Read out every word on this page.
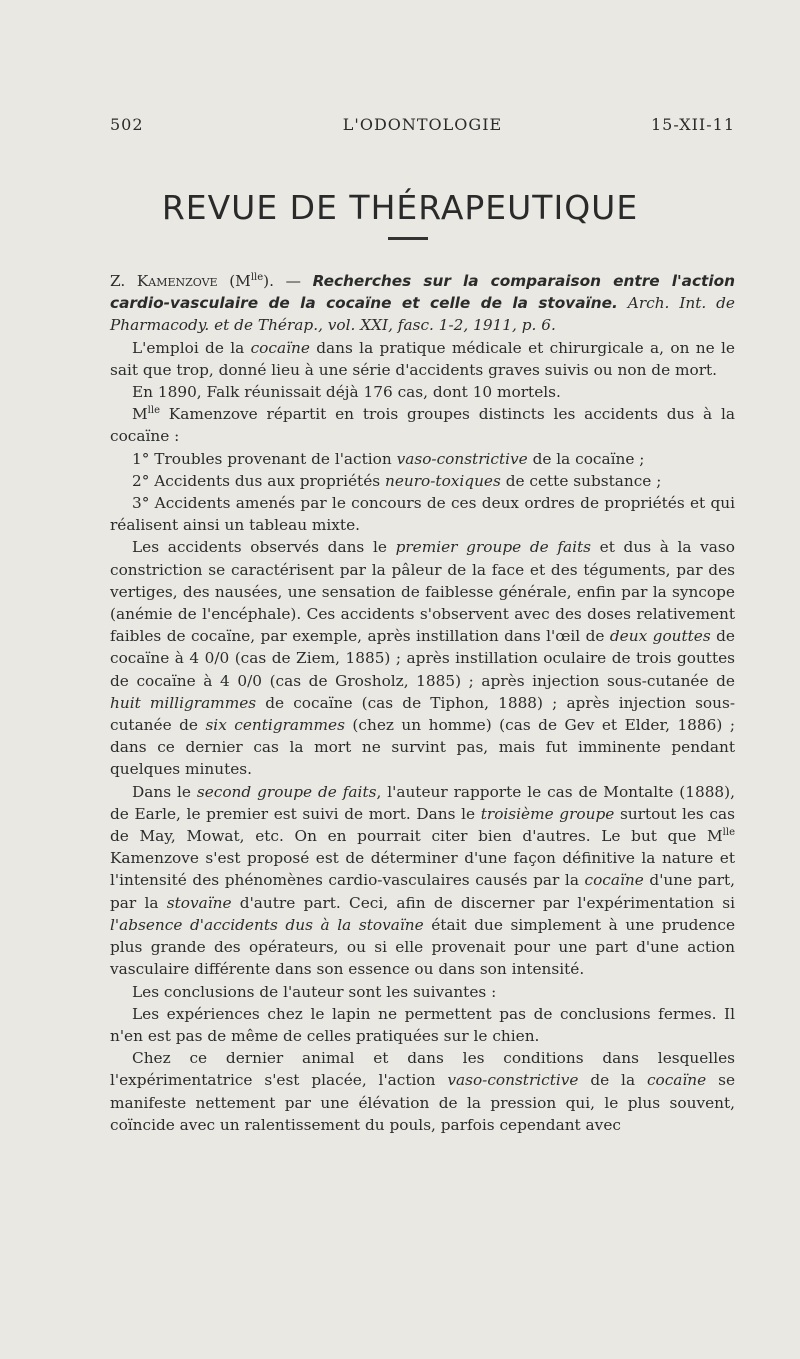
502	L'ODONTOLOGIE	15-XII-11
REVUE DE THÉRAPEUTIQUE

Z. Kamenzove $(M^{lle})$. — Recherches sur la comparaison entre l'action cardio-vasculaire de la cocaïne et celle de la stovaïne. Arch. Int. de Pharmacody. et de Thérap., vol. XXI, fasc. 1-2, 1911, p. 6.

L'emploi de la cocaïne dans la pratique médicale et chirurgicale a, on ne le sait que trop, donné lieu à une série d'accidents graves suivis ou non de mort.

En 1890, Falk réunissait déjà 176 cas, dont 10 mortels.

$M^{lle}$ Kamenzove répartit en trois groupes distincts les accidents dus à la cocaïne :

1° Troubles provenant de l'action vaso-constrictive de la cocaïne ;

2° Accidents dus aux propriétés neuro-toxiques de cette substance ;

3° Accidents amenés par le concours de ces deux ordres de propriétés et qui réalisent ainsi un tableau mixte.

Les accidents observés dans le premier groupe de faits et dus à la vaso constriction se caractérisent par la pâleur de la face et des téguments, par des vertiges, des nausées, une sensation de faiblesse générale, enfin par la syncope (anémie de l'encéphale). Ces accidents s'observent avec des doses relativement faibles de cocaïne, par exemple, après instillation dans l'œil de deux gouttes de cocaïne à 4 0/0 (cas de Ziem, 1885) ; après instillation oculaire de trois gouttes de cocaïne à 4 0/0 (cas de Grosholz, 1885) ; après injection sous-cutanée de huit milligrammes de cocaïne (cas de Tiphon, 1888) ; après injection sous-cutanée de six centigrammes (chez un homme) (cas de Gev et Elder, 1886) ; dans ce dernier cas la mort ne survint pas, mais fut imminente pendant quelques minutes.

Dans le second groupe de faits, l'auteur rapporte le cas de Montalte (1888), de Earle, le premier est suivi de mort. Dans le troisième groupe surtout les cas de May, Mowat, etc. On en pourrait citer bien d'autres. Le but que $M^{lle}$ Kamenzove s'est proposé est de déterminer d'une façon définitive la nature et l'intensité des phénomènes cardio-vasculaires causés par la cocaïne d'une part, par la stovaïne d'autre part. Ceci, afin de discerner par l'expérimentation si l'absence d'accidents dus à la stovaïne était due simplement à une prudence plus grande des opérateurs, ou si elle provenait pour une part d'une action vasculaire différente dans son essence ou dans son intensité.

Les conclusions de l'auteur sont les suivantes :

Les expériences chez le lapin ne permettent pas de conclusions fermes. Il n'en est pas de même de celles pratiquées sur le chien.

Chez ce dernier animal et dans les conditions dans lesquelles l'expérimentatrice s'est placée, l'action vaso-constrictive de la cocaïne se manifeste nettement par une élévation de la pression qui, le plus souvent, coïncide avec un ralentissement du pouls, parfois cependant avec
